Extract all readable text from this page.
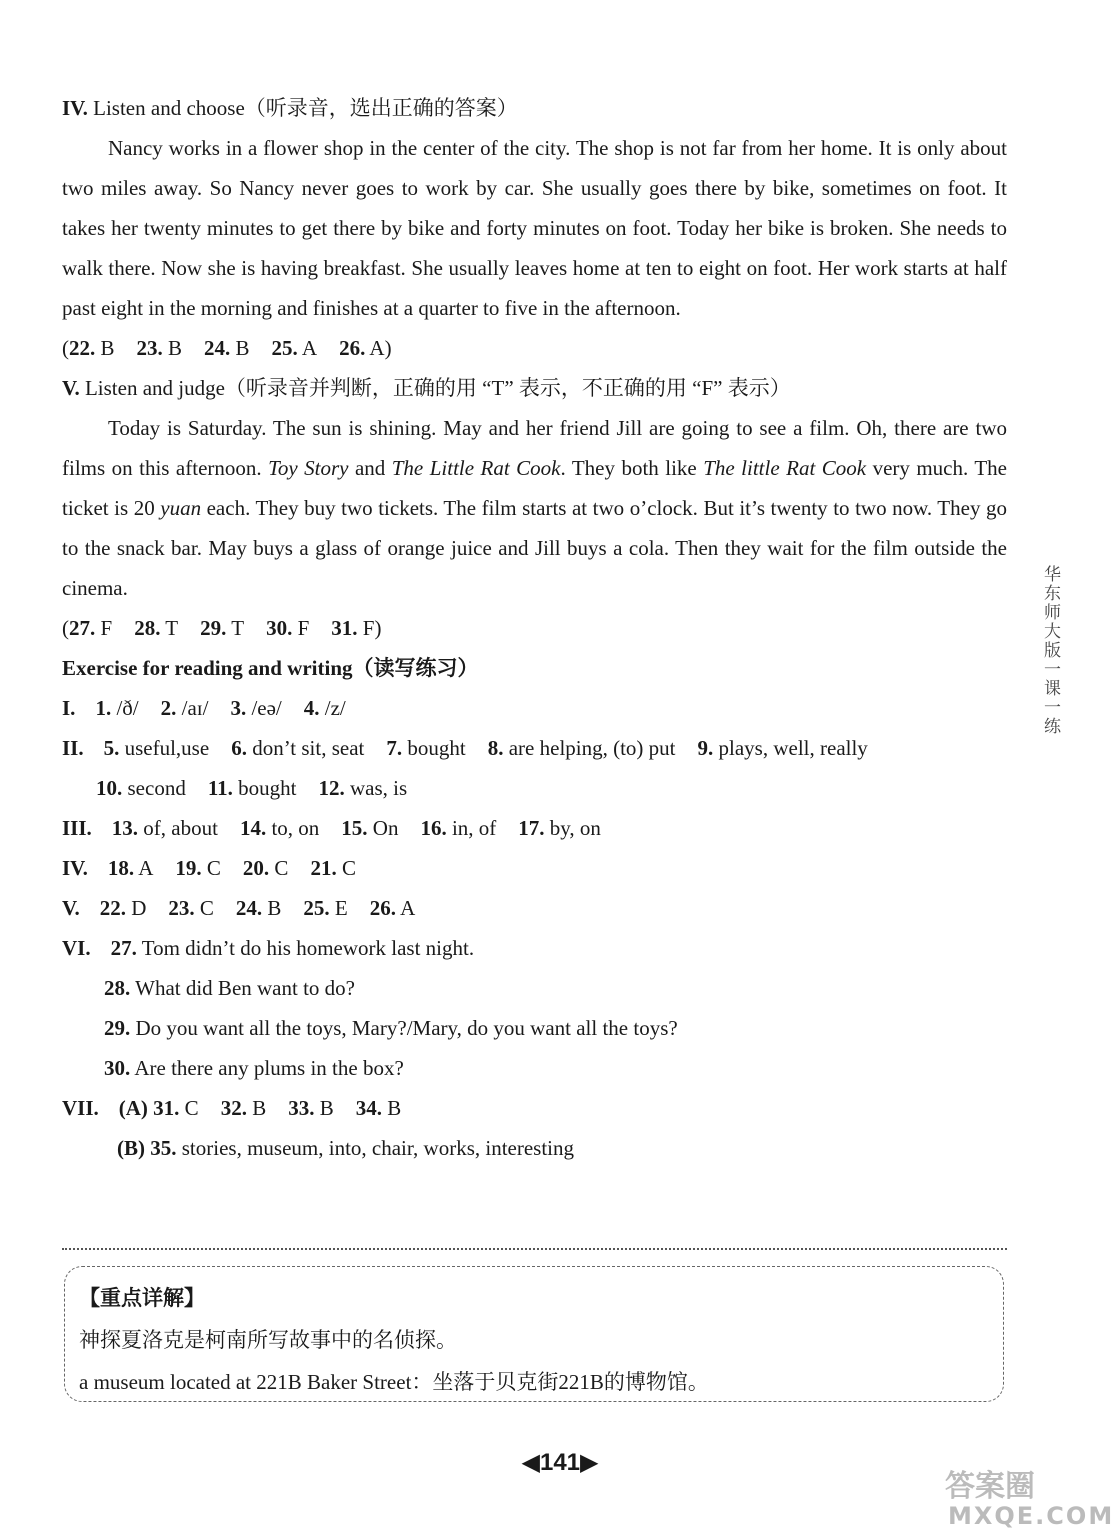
IV. Listen and choose（听录音，选出正确的答案）
Nancy works in a flower shop in the center of the city. The shop is not far from her home. It is only about two miles away. So Nancy never goes to work by car. She usually goes there by bike, sometimes on foot. It takes her twenty minutes to get there by bike and forty minutes on foot. Today her bike is broken. She needs to walk there. Now she is having breakfast. She usually leaves home at ten to eight on foot. Her work starts at half past eight in the morning and finishes at a quarter to five in the afternoon.
(22. B 23. B 24. B 25. A 26. A)
V. Listen and judge（听录音并判断，正确的用 “T” 表示，不正确的用 “F” 表示）
Today is Saturday. The sun is shining. May and her friend Jill are going to see a film. Oh, there are two films on this afternoon. Toy Story and The Little Rat Cook. They both like The little Rat Cook very much. The ticket is 20 yuan each. They buy two tickets. The film starts at two o’clock. But it’s twenty to two now. They go to the snack bar. May buys a glass of orange juice and Jill buys a cola. Then they wait for the film outside the cinema.
(27. F 28. T 29. T 30. F 31. F)
Exercise for reading and writing（读写练习）
I. 1. /ð/ 2. /aɪ/ 3. /eə/ 4. /z/
II. 5. useful,use 6. don’t sit, seat 7. bought 8. are helping, (to) put 9. plays, well, really
10. second 11. bought 12. was, is
III. 13. of, about 14. to, on 15. On 16. in, of 17. by, on
IV. 18. A 19. C 20. C 21. C
V. 22. D 23. C 24. B 25. E 26. A
VI. 27. Tom didn’t do his homework last night.
28. What did Ben want to do?
29. Do you want all the toys, Mary?/Mary, do you want all the toys?
30. Are there any plums in the box?
VII. (A) 31. C 32. B 33. B 34. B
(B) 35. stories, museum, into, chair, works, interesting
【重点详解】
神探夏洛克是柯南所写故事中的名侦探。
a museum located at 221B Baker Street：坐落于贝克街221B的博物馆。
◀141▶
华东师大版一课一练
答案圈
MXQE.COM
